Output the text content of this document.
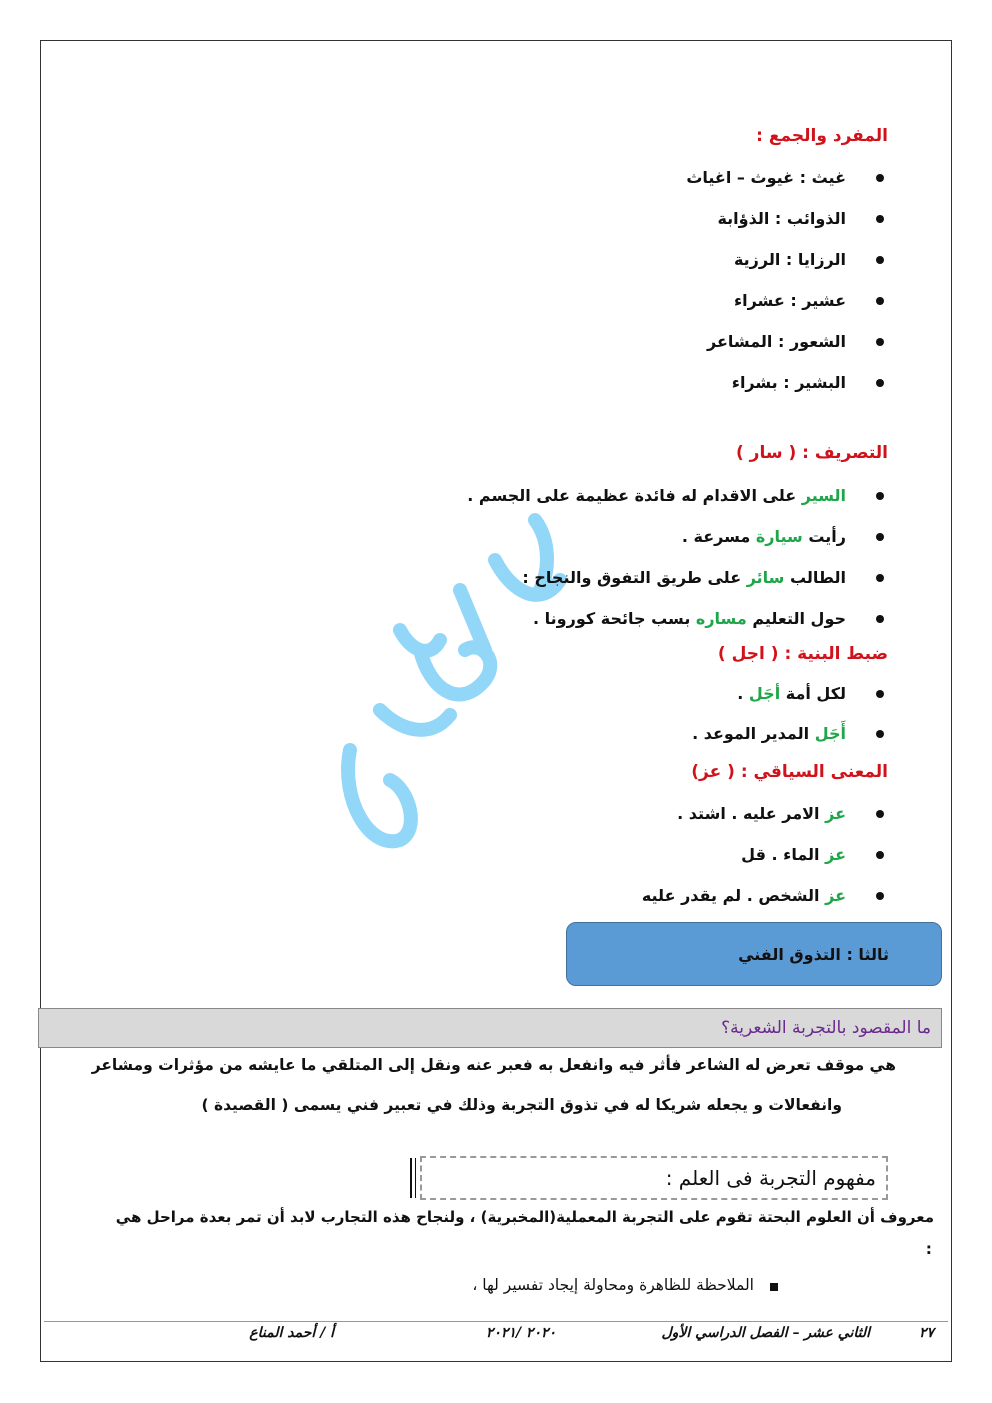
المفرد والجمع :
غيث : غيوث – اغياث
الذوائب : الذؤابة
الرزايا : الرزية
عشير : عشراء
الشعور : المشاعر
البشير : بشراء
التصريف : ( سار )
السير على الاقدام له فائدة عظيمة على الجسم .
رأيت سيارة مسرعة .
الطالب سائر على طريق التفوق والنجاح :
حول التعليم مساره بسب جائحة كورونا .
ضبط البنية : ( اجل )
لكل أمة أجَل .
أَجَل المدير الموعد .
المعنى السياقي : ( عز)
عز الامر عليه . اشتد .
عز الماء . قل
عز الشخص . لم يقدر عليه
ثالثا : التذوق الفني
ما المقصود بالتجربة الشعرية؟
هي موقف تعرض له الشاعر فأثر فيه وانفعل به فعبر عنه ونقل إلى المتلقي ما عايشه من مؤثرات ومشاعر
وانفعالات و يجعله شريكا له في تذوق التجربة وذلك في تعبير فني يسمى ( القصيدة )
مفهوم التجربة فى العلم :
معروف أن العلوم البحتة تقوم على التجربة المعملية(المخبرية) ، ولنجاح هذه التجارب لابد أن تمر بعدة مراحل هي
:
الملاحظة للظاهرة ومحاولة إيجاد تفسير لها ،
٢٧
الثاني عشر – الفصل الدراسي الأول
٢٠٢٠ /٢٠٢١
أ / أحمد المناع
